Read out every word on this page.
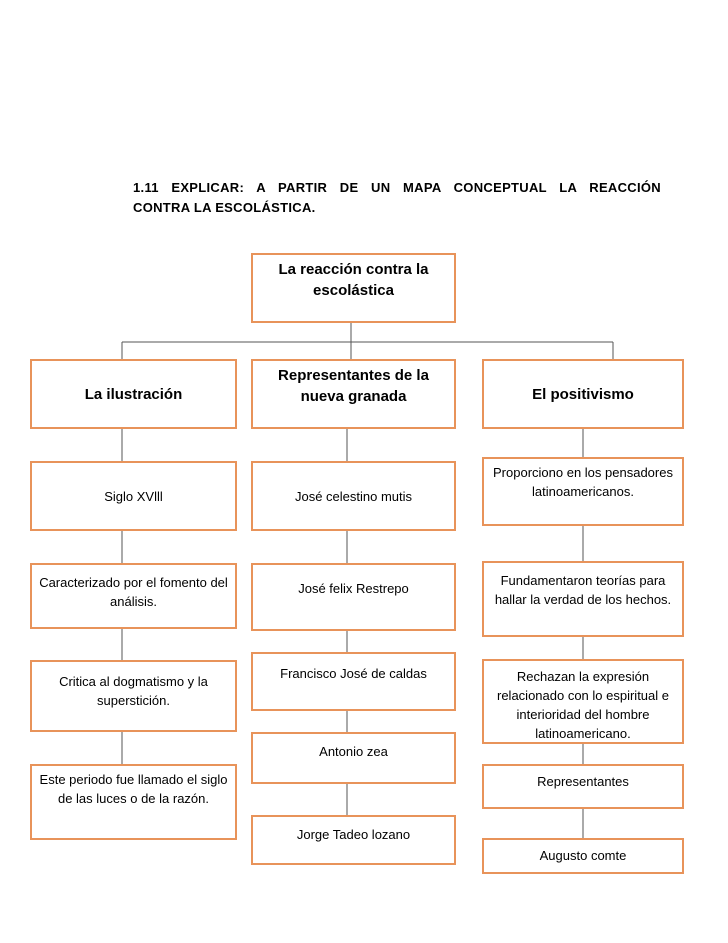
1.11 EXPLICAR: A PARTIR DE UN MAPA CONCEPTUAL LA REACCIÓN
CONTRA LA ESCOLÁSTICA.
La reacción contra la escolástica
La ilustración
Representantes de la nueva granada	El positivismo
Siglo XVlll
Caracterizado por el fomento del análisis.
Critica al dogmatismo y la superstición.
Este periodo fue llamado el siglo de las luces o de la razón.
José celestino mutis
José felix Restrepo
Francisco José de caldas
Antonio zea
Jorge Tadeo lozano
Proporciono en los pensadores latinoamericanos.
Fundamentaron teorías para hallar la verdad de los hechos.
Rechazan la expresión relacionado con lo espiritual e interioridad del hombre latinoamericano.
Representantes
Augusto comte
